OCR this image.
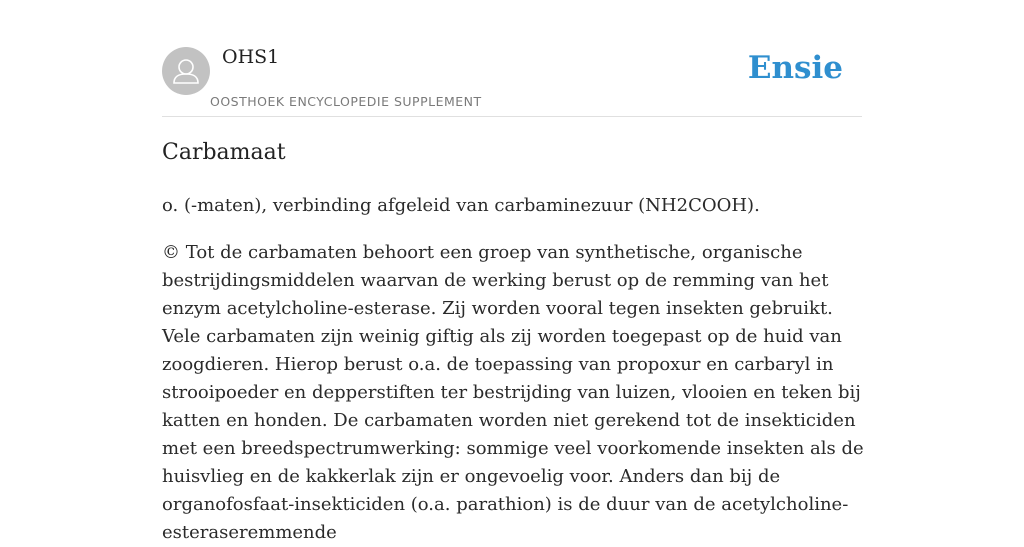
OHS1
OOSTHOEK ENCYCLOPEDIE SUPPLEMENT
Ensie
Carbamaat

o. (-maten), verbinding afgeleid van carbaminezuur (NH2COOH).

© Tot de carbamaten behoort een groep van synthetische, organische bestrijdingsmiddelen waarvan de werking berust op de remming van het enzym acetylcholine-esterase. Zij worden vooral tegen insekten gebruikt. Vele carbamaten zijn weinig giftig als zij worden toegepast op de huid van zoogdieren. Hierop berust o.a. de toepassing van propoxur en carbaryl in strooipoeder en depperstiften ter bestrijding van luizen, vlooien en teken bij katten en honden. De carbamaten worden niet gerekend tot de insekticiden met een breedspectrumwerking: sommige veel voorkomende insekten als de huisvlieg en de kakkerlak zijn er ongevoelig voor. Anders dan bij de organofosfaat-insekticiden (o.a. parathion) is de duur van de acetylcholine-esteraseremmende
